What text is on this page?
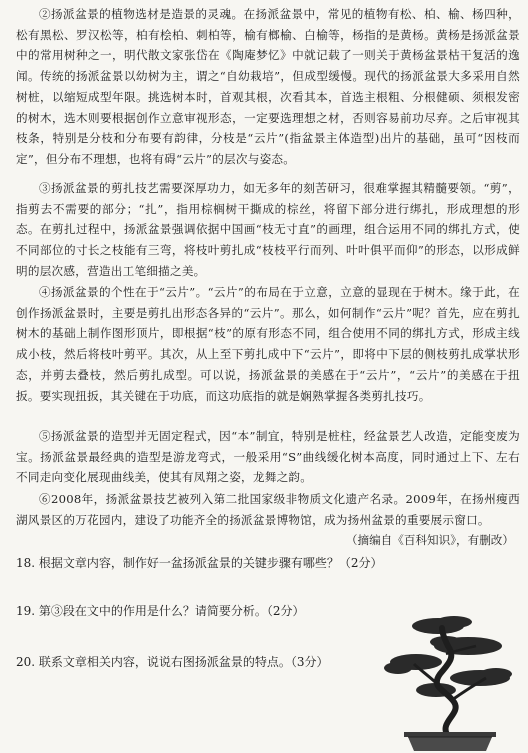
②扬派盆景的植物选材是造景的灵魂。在扬派盆景中，常见的植物有松、柏、榆、杨四种，松有黑松、罗汉松等，柏有桧柏、刺柏等，榆有榔榆、白榆等，杨指的是黄杨。黄杨是扬派盆景中的常用树种之一，明代散文家张岱在《陶庵梦忆》中就记载了一则关于黄杨盆景枯干复活的逸闻。传统的扬派盆景以幼树为主，谓之“自幼栽培”，但成型缓慢。现代的扬派盆景大多采用自然树桩，以缩短成型年限。挑选树本时，首观其根，次看其本，首选主根粗、分根健硕、须根发密的树木，选木则要根据创作立意审视形态，一定要选理想之材，否则容易前功尽弃。之后审视其枝条，特别是分枝和分布要有韵律，分枝是“云片”(指盆景主体造型)出片的基础，虽可“因枝而定”，但分布不理想，也将有碍“云片”的层次与姿态。

③扬派盆景的剪扎技艺需要深厚功力，如无多年的刻苦研习，很难掌握其精髓要领。“剪”，指剪去不需要的部分；“扎”，指用棕榈树干撕成的棕丝，将留下部分进行绑扎，形成理想的形态。在剪扎过程中，扬派盆景强调依据中国画“枝无寸直”的画理，组合运用不同的绑扎方式，使不同部位的寸长之枝能有三弯，将枝叶剪扎成“枝枝平行而列、叶叶俱平而仰”的形态，以形成鲜明的层次感，营造出工笔细描之美。

④扬派盆景的个性在于“云片”。“云片”的布局在于立意，立意的显现在于树木。缘于此，在创作扬派盆景时，主要是剪扎出形态各异的“云片”。那么，如何制作“云片”呢？首先，应在剪扎树木的基础上制作图形顶片，即根据“枝”的原有形态不同，组合使用不同的绑扎方式，形成主线成小枝，然后将枝叶剪平。其次，从上至下剪扎成中下“云片”，即将中下层的侧枝剪扎成掌状形态，并剪去叠枝，然后剪扎成型。可以说，扬派盆景的美感在于“云片”，“云片”的美感在于扭扳。要实现扭扳，其关键在于功底，而这功底指的就是娴熟掌握各类剪扎技巧。

⑤扬派盆景的造型并无固定程式，因“本”制宜，特别是桩柱，经盆景艺人改造，定能变废为宝。扬派盆景最经典的造型是游龙弯式，一般采用“S”曲线缓化树本高度，同时通过上下、左右不同走向变化展现曲线美，使其有凤翔之姿，龙舞之韵。

⑥2008年，扬派盆景技艺被列入第二批国家级非物质文化遗产名录。2009年，在扬州瘦西湖风景区的万花园内，建设了功能齐全的扬派盆景博物馆，成为扬州盆景的重要展示窗口。

（摘编自《百科知识》，有删改）

18. 根据文章内容，制作好一盆扬派盆景的关键步骤有哪些？（2分）

19. 第③段在文中的作用是什么？请简要分析。（2分）

20. 联系文章相关内容，说说右图扬派盆景的特点。（3分）
